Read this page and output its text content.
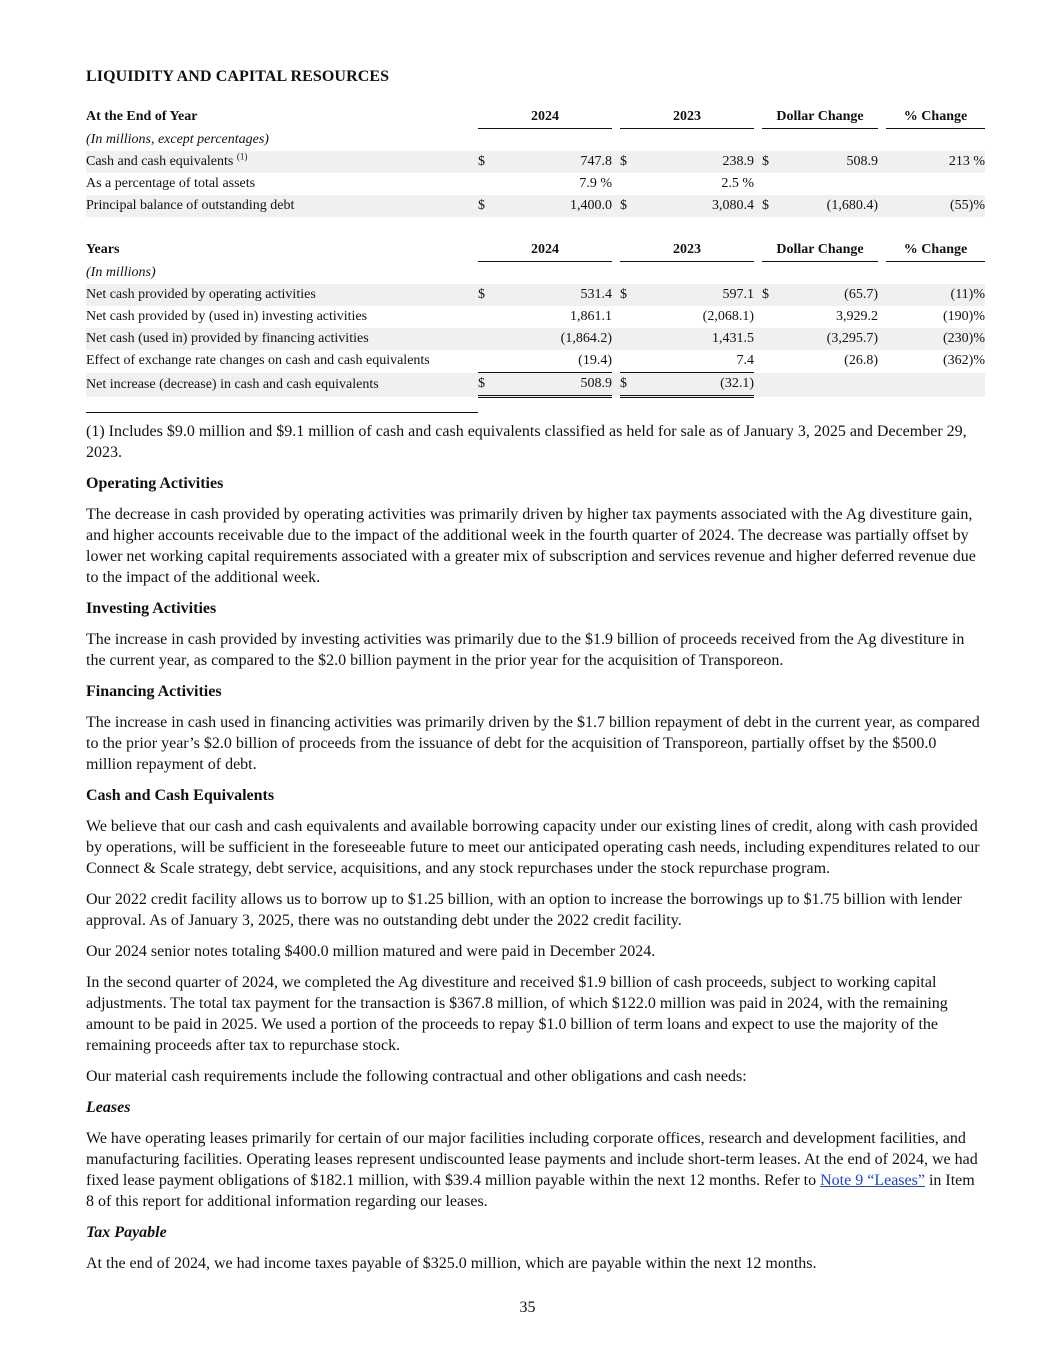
LIQUIDITY AND CAPITAL RESOURCES
At the End of Year	2024			2023			Dollar Change			% Change
(In millions, except percentages)										
Cash and cash equivalents $^{(1)}$	$	747.8		$	238.9		$	508.9		213 %
As a percentage of total assets		7.9 %			2.5 %					
Principal balance of outstanding debt	$	1,400.0		$	3,080.4		$	(1,680.4)		(55)%

Years	2024			2023			Dollar Change			% Change
(In millions)										
Net cash provided by operating activities	$	531.4		$	597.1		$	(65.7)		(11)%
Net cash provided by (used in) investing activities		1,861.1			(2,068.1)			3,929.2		(190)%
Net cash (used in) provided by financing activities		(1,864.2)			1,431.5			(3,295.7)		(230)%
Effect of exchange rate changes on cash and cash equivalents		(19.4)			7.4			(26.8)		(362)%
Net increase (decrease) in cash and cash equivalents	$	508.9		$	(32.1)					

(1) Includes $9.0 million and $9.1 million of cash and cash equivalents classified as held for sale as of January 3, 2025 and December 29, 2023.

Operating Activities

The decrease in cash provided by operating activities was primarily driven by higher tax payments associated with the Ag divestiture gain, and higher accounts receivable due to the impact of the additional week in the fourth quarter of 2024. The decrease was partially offset by lower net working capital requirements associated with a greater mix of subscription and services revenue and higher deferred revenue due to the impact of the additional week.

Investing Activities

The increase in cash provided by investing activities was primarily due to the $1.9 billion of proceeds received from the Ag divestiture in the current year, as compared to the $2.0 billion payment in the prior year for the acquisition of Transporeon.

Financing Activities

The increase in cash used in financing activities was primarily driven by the $1.7 billion repayment of debt in the current year, as compared to the prior year’s $2.0 billion of proceeds from the issuance of debt for the acquisition of Transporeon, partially offset by the $500.0 million repayment of debt.

Cash and Cash Equivalents

We believe that our cash and cash equivalents and available borrowing capacity under our existing lines of credit, along with cash provided by operations, will be sufficient in the foreseeable future to meet our anticipated operating cash needs, including expenditures related to our Connect & Scale strategy, debt service, acquisitions, and any stock repurchases under the stock repurchase program.

Our 2022 credit facility allows us to borrow up to $1.25 billion, with an option to increase the borrowings up to $1.75 billion with lender approval. As of January 3, 2025, there was no outstanding debt under the 2022 credit facility.

Our 2024 senior notes totaling $400.0 million matured and were paid in December 2024.

In the second quarter of 2024, we completed the Ag divestiture and received $1.9 billion of cash proceeds, subject to working capital adjustments. The total tax payment for the transaction is $367.8 million, of which $122.0 million was paid in 2024, with the remaining amount to be paid in 2025. We used a portion of the proceeds to repay $1.0 billion of term loans and expect to use the majority of the remaining proceeds after tax to repurchase stock.

Our material cash requirements include the following contractual and other obligations and cash needs:

Leases

We have operating leases primarily for certain of our major facilities including corporate offices, research and development facilities, and manufacturing facilities. Operating leases represent undiscounted lease payments and include short-term leases. At the end of 2024, we had fixed lease payment obligations of $182.1 million, with $39.4 million payable within the next 12 months. Refer to Note 9 “Leases” in Item 8 of this report for additional information regarding our leases.

Tax Payable

At the end of 2024, we had income taxes payable of $325.0 million, which are payable within the next 12 months.

35
